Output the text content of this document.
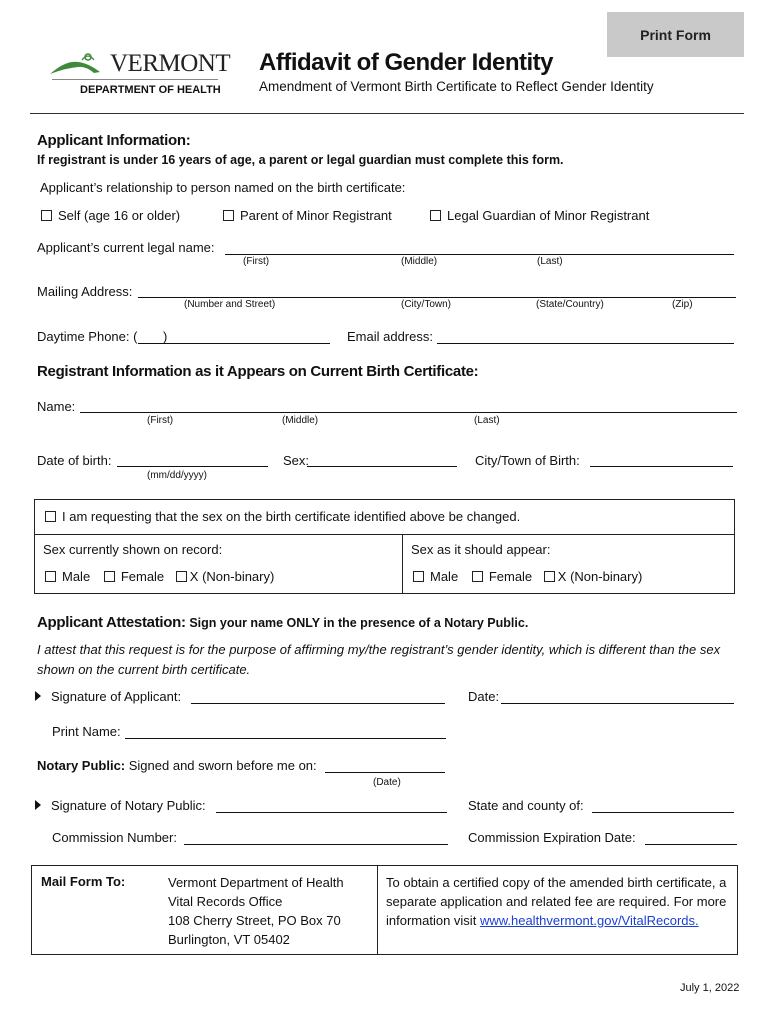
Print Form
VERMONT
DEPARTMENT OF HEALTH
Affidavit of Gender Identity
Amendment of Vermont Birth Certificate to Reflect Gender Identity
Applicant Information:
If registrant is under 16 years of age, a parent or legal guardian must complete this form.
Applicant’s relationship to person named on the birth certificate:
Self (age 16 or older)	Parent of Minor Registrant	Legal Guardian of Minor Registrant
Applicant’s current legal name:
(First)	(Middle)	(Last)
Mailing Address:
(Number and Street)	(City/Town)	(State/Country)	(Zip)
Daytime Phone: ( )	Email address:
Registrant Information as it Appears on Current Birth Certificate:
Name:
(First)	(Middle)	(Last)
Date of birth:
(mm/dd/yyyy)
Sex:	City/Town of Birth:
I am requesting that the sex on the birth certificate identified above be changed.
Sex currently shown on record:
Male Female X (Non-binary)
Sex as it should appear:
Male Female X (Non-binary)
Applicant Attestation: Sign your name ONLY in the presence of a Notary Public.
I attest that this request is for the purpose of affirming my/the registrant’s gender identity, which is different than the sex shown on the current birth certificate.
Signature of Applicant:	Date:
Print Name:
Notary Public: Signed and sworn before me on:
(Date)
Signature of Notary Public:	State and county of:
Commission Number:	Commission Expiration Date:
Mail Form To:	Vermont Department of Health
Vital Records Office
108 Cherry Street, PO Box 70
Burlington, VT 05402
To obtain a certified copy of the amended birth certificate, a separate application and related fee are required. For more information visit www.healthvermont.gov/VitalRecords.
July 1, 2022
